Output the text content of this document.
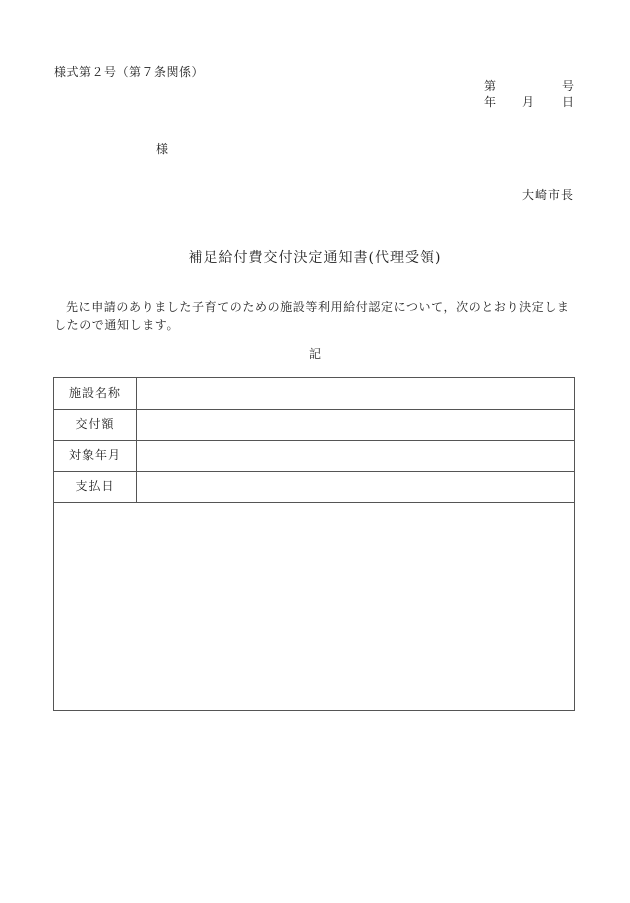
様式第２号（第７条関係）
第	号
年 月 日
様
大崎市長
補足給付費交付決定通知書(代理受領)
先に申請のありました子育てのための施設等利用給付認定について，次のとおり決定しましたので通知します。
記
施設名称
交付額
対象年月
支払日
